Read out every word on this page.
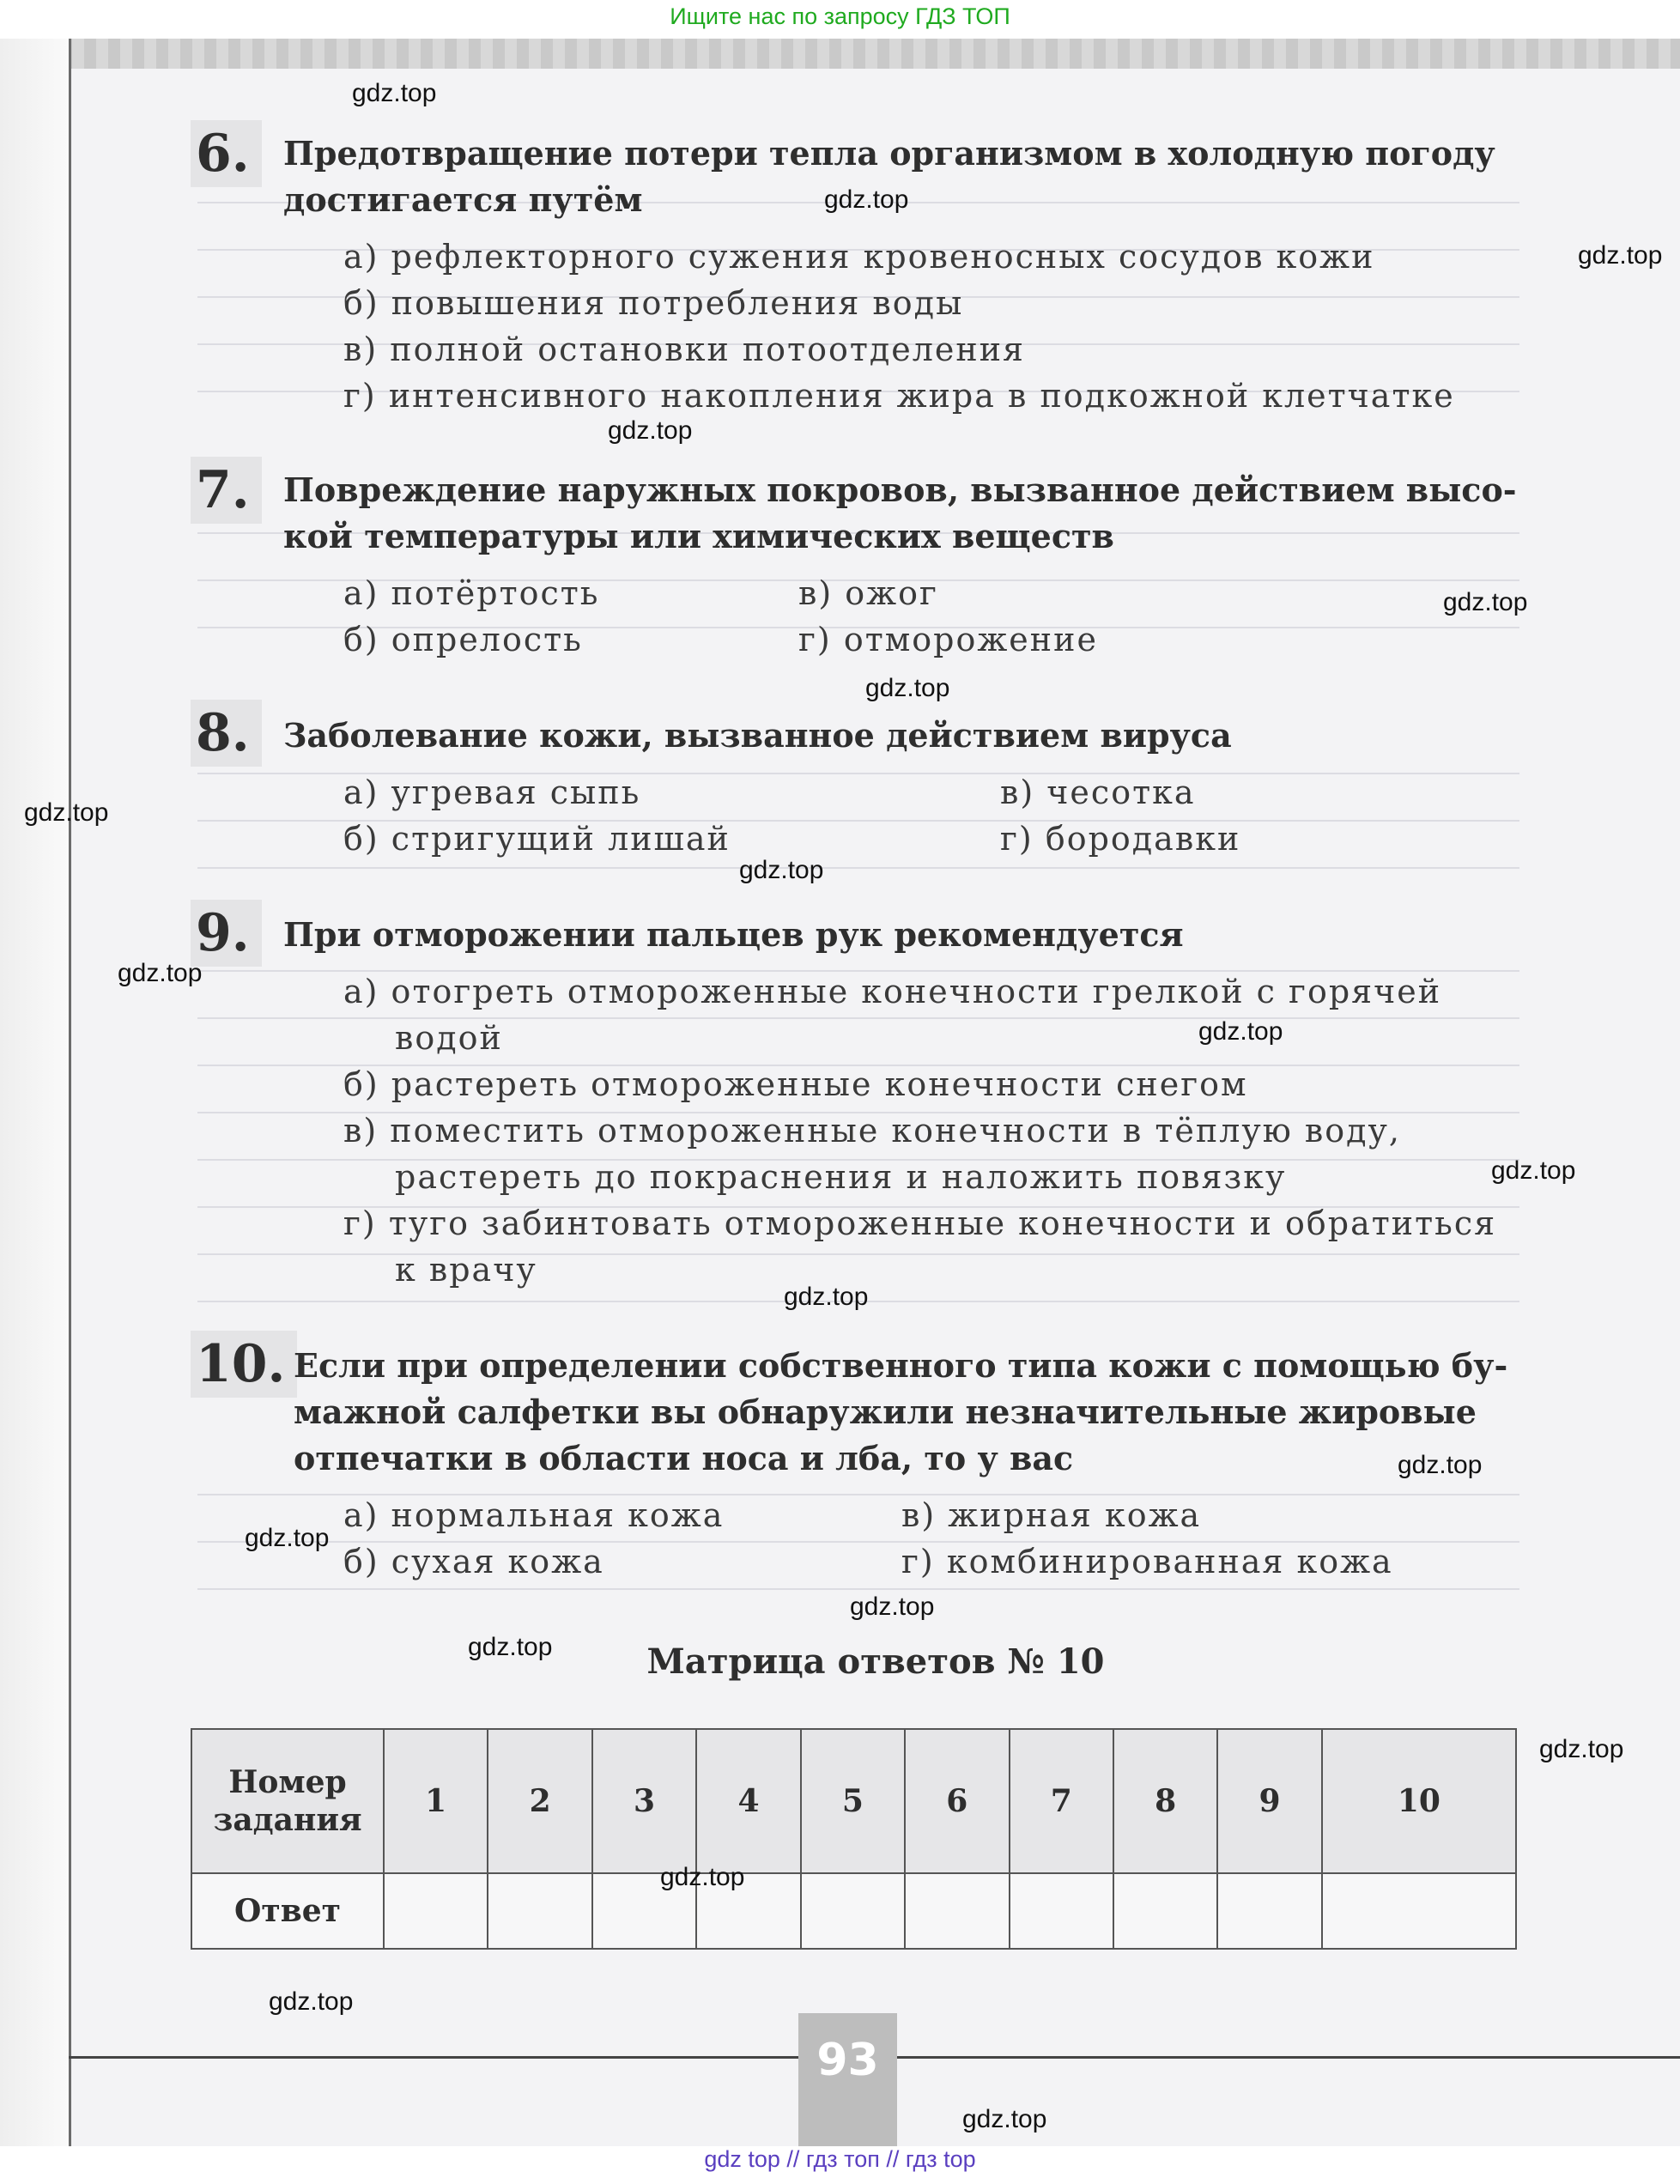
Ищите нас по запросу ГДЗ ТОП
6.	Предотвращение потери тепла организмом в холодную погоду
достигается путём
а) рефлекторного сужения кровеносных сосудов кожи
б) повышения потребления воды
в) полной остановки потоотделения
г) интенсивного накопления жира в подкожной клетчатке
7.	Повреждение наружных покровов, вызванное действием высо-
кой температуры или химических веществ
а) потёртость
б) опрелость
в) ожог
г) отморожение
8.	Заболевание кожи, вызванное действием вируса
а) угревая сыпь
б) стригущий лишай
в) чесотка
г) бородавки
9.	При отморожении пальцев рук рекомендуется
а) отогреть отмороженные конечности грелкой с горячей
водой
б) растереть отмороженные конечности снегом
в) поместить отмороженные конечности в тёплую воду,
растереть до покраснения и наложить повязку
г) туго забинтовать отмороженные конечности и обратиться
к врачу
10. Если при определении собственного типа кожи с помощью бу-
мажной салфетки вы обнаружили незначительные жировые
отпечатки в области носа и лба, то у вас
а) нормальная кожа
б) сухая кожа
в) жирная кожа
г) комбинированная кожа
Матрица ответов № 10
Номер
задания	1	2	3	4	5	6	7	8	9	10
Ответ										
93
gdz.top
gdz.top
gdz.top
gdz.top
gdz.top
gdz.top
gdz.top
gdz.top
gdz.top
gdz.top
gdz.top
gdz.top
gdz.top
gdz.top
gdz.top
gdz.top
gdz.top
gdz.top
gdz.top
gdz.top
gdz top // гдз топ // гдз top
